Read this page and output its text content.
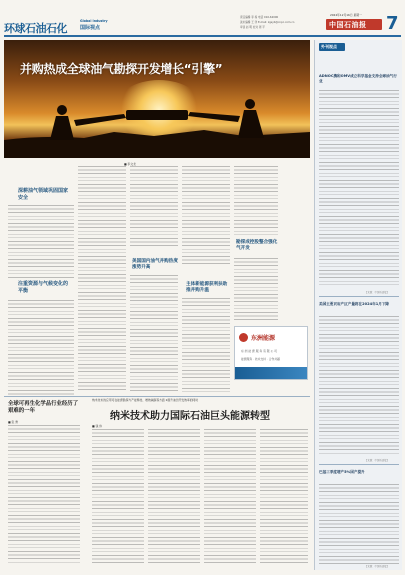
环球石油石化
Global Industry
国际视点
责任编辑 李 杨 电话 010-62000
美术编辑 王 洋 E-mail: zgsyb@cnpc.com.cn
审读 赵 明 校对 周 平
2024年12月16日 星期一
中国石油报 7
并购热成全球油气勘探开发增长“引擎”
深耕油气领域巩固国家安全
注重资源与气候变化的平衡
■ 李文龙
美国国内油气并购热度涨势升高
主体新能源获利扶助推并购升温
勘探成控股整合强化气开发
东洲能源
东 洲 能 源 服 务 有 限 公 司
能源服务 · 技术支持 · 合作共赢
全球可再生化学品行业经历了艰难的一年
■ 张 勇
纳米技术的应用可在能源勘探与产能释放、增效减碳等方面 2提升油田开发效率的同时
纳米技术助力国际石油巨头能源转型
■ 钱 伟
外刊视点
ADNOC携和OMV成立科学基金支持全球油气行业
【来源：中国石油报】
美国主要页岩产区产量将在2024年1月下降
【来源：中国石油报】
巴基三季度增产5%国产提升
【来源：中国石油报】
